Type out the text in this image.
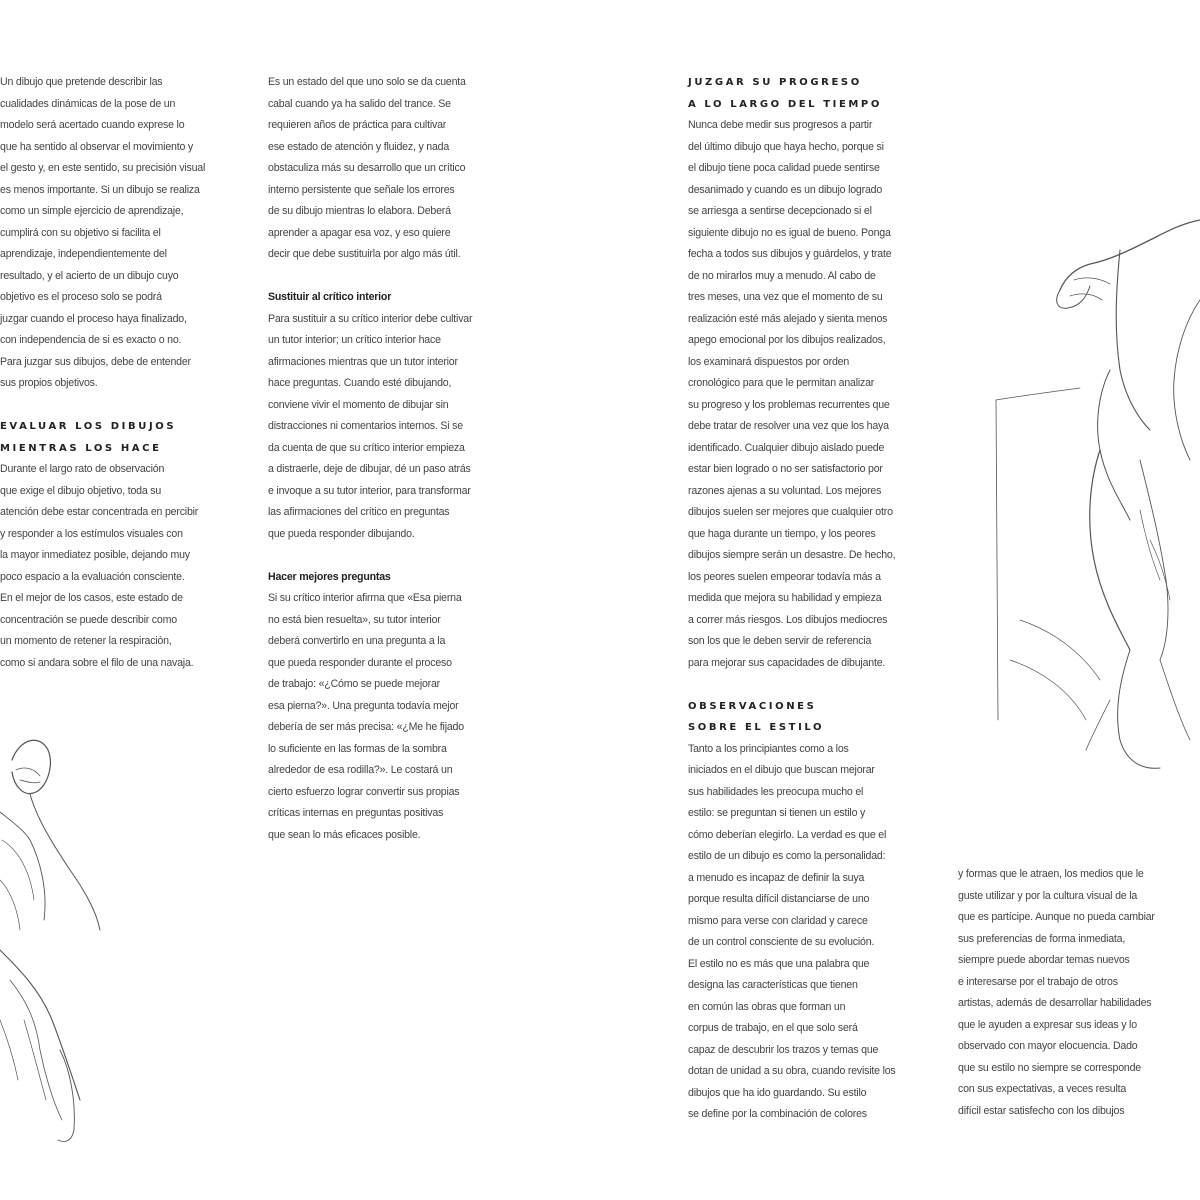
Un dibujo que pretende describir las
cualidades dinámicas de la pose de un
modelo será acertado cuando exprese lo
que ha sentido al observar el movimiento y
el gesto y, en este sentido, su precisión visual
es menos importante. Si un dibujo se realiza
como un simple ejercicio de aprendizaje,
cumplirá con su objetivo si facilita el
aprendizaje, independientemente del
resultado, y el acierto de un dibujo cuyo
objetivo es el proceso solo se podrá
juzgar cuando el proceso haya finalizado,
con independencia de si es exacto o no.
Para juzgar sus dibujos, debe de entender
sus propios objetivos.
EVALUAR LOS DIBUJOS
MIENTRAS LOS HACE
Durante el largo rato de observación
que exige el dibujo objetivo, toda su
atención debe estar concentrada en percibir
y responder a los estímulos visuales con
la mayor inmediatez posible, dejando muy
poco espacio a la evaluación consciente.
En el mejor de los casos, este estado de
concentración se puede describir como
un momento de retener la respiración,
como si andara sobre el filo de una navaja.
Es un estado del que uno solo se da cuenta
cabal cuando ya ha salido del trance. Se
requieren años de práctica para cultivar
ese estado de atención y fluidez, y nada
obstaculiza más su desarrollo que un crítico
interno persistente que señale los errores
de su dibujo mientras lo elabora. Deberá
aprender a apagar esa voz, y eso quiere
decir que debe sustituirla por algo más útil.
Sustituir al crítico interior
Para sustituir a su crítico interior debe cultivar
un tutor interior; un crítico interior hace
afirmaciones mientras que un tutor interior
hace preguntas. Cuando esté dibujando,
conviene vivir el momento de dibujar sin
distracciones ni comentarios internos. Si se
da cuenta de que su crítico interior empieza
a distraerle, deje de dibujar, dé un paso atrás
e invoque a su tutor interior, para transformar
las afirmaciones del crítico en preguntas
que pueda responder dibujando.
Hacer mejores preguntas
Si su crítico interior afirma que «Esa pierna
no está bien resuelta», su tutor interior
deberá convertirlo en una pregunta a la
que pueda responder durante el proceso
de trabajo: «¿Cómo se puede mejorar
esa pierna?». Una pregunta todavía mejor
debería de ser más precisa: «¿Me he fijado
lo suficiente en las formas de la sombra
alrededor de esa rodilla?». Le costará un
cierto esfuerzo lograr convertir sus propias
críticas internas en preguntas positivas
que sean lo más eficaces posible.
JUZGAR SU PROGRESO
A LO LARGO DEL TIEMPO
Nunca debe medir sus progresos a partir
del último dibujo que haya hecho, porque si
el dibujo tiene poca calidad puede sentirse
desanimado y cuando es un dibujo logrado
se arriesga a sentirse decepcionado si el
siguiente dibujo no es igual de bueno. Ponga
fecha a todos sus dibujos y guárdelos, y trate
de no mirarlos muy a menudo. Al cabo de
tres meses, una vez que el momento de su
realización esté más alejado y sienta menos
apego emocional por los dibujos realizados,
los examinará dispuestos por orden
cronológico para que le permitan analizar
su progreso y los problemas recurrentes que
debe tratar de resolver una vez que los haya
identificado. Cualquier dibujo aislado puede
estar bien logrado o no ser satisfactorio por
razones ajenas a su voluntad. Los mejores
dibujos suelen ser mejores que cualquier otro
que haga durante un tiempo, y los peores
dibujos siempre serán un desastre. De hecho,
los peores suelen empeorar todavía más a
medida que mejora su habilidad y empieza
a correr más riesgos. Los dibujos mediocres
son los que le deben servir de referencia
para mejorar sus capacidades de dibujante.
OBSERVACIONES
SOBRE EL ESTILO
Tanto a los principiantes como a los
iniciados en el dibujo que buscan mejorar
sus habilidades les preocupa mucho el
estilo: se preguntan si tienen un estilo y
cómo deberían elegirlo. La verdad es que el
estilo de un dibujo es como la personalidad:
a menudo es incapaz de definir la suya
porque resulta difícil distanciarse de uno
mismo para verse con claridad y carece
de un control consciente de su evolución.
El estilo no es más que una palabra que
designa las características que tienen
en común las obras que forman un
corpus de trabajo, en el que solo será
capaz de descubrir los trazos y temas que
dotan de unidad a su obra, cuando revisite los
dibujos que ha ido guardando. Su estilo
se define por la combinación de colores
y formas que le atraen, los medios que le
guste utilizar y por la cultura visual de la
que es partícipe. Aunque no pueda cambiar
sus preferencias de forma inmediata,
siempre puede abordar temas nuevos
e interesarse por el trabajo de otros
artistas, además de desarrollar habilidades
que le ayuden a expresar sus ideas y lo
observado con mayor elocuencia. Dado
que su estilo no siempre se corresponde
con sus expectativas, a veces resulta
difícil estar satisfecho con los dibujos
